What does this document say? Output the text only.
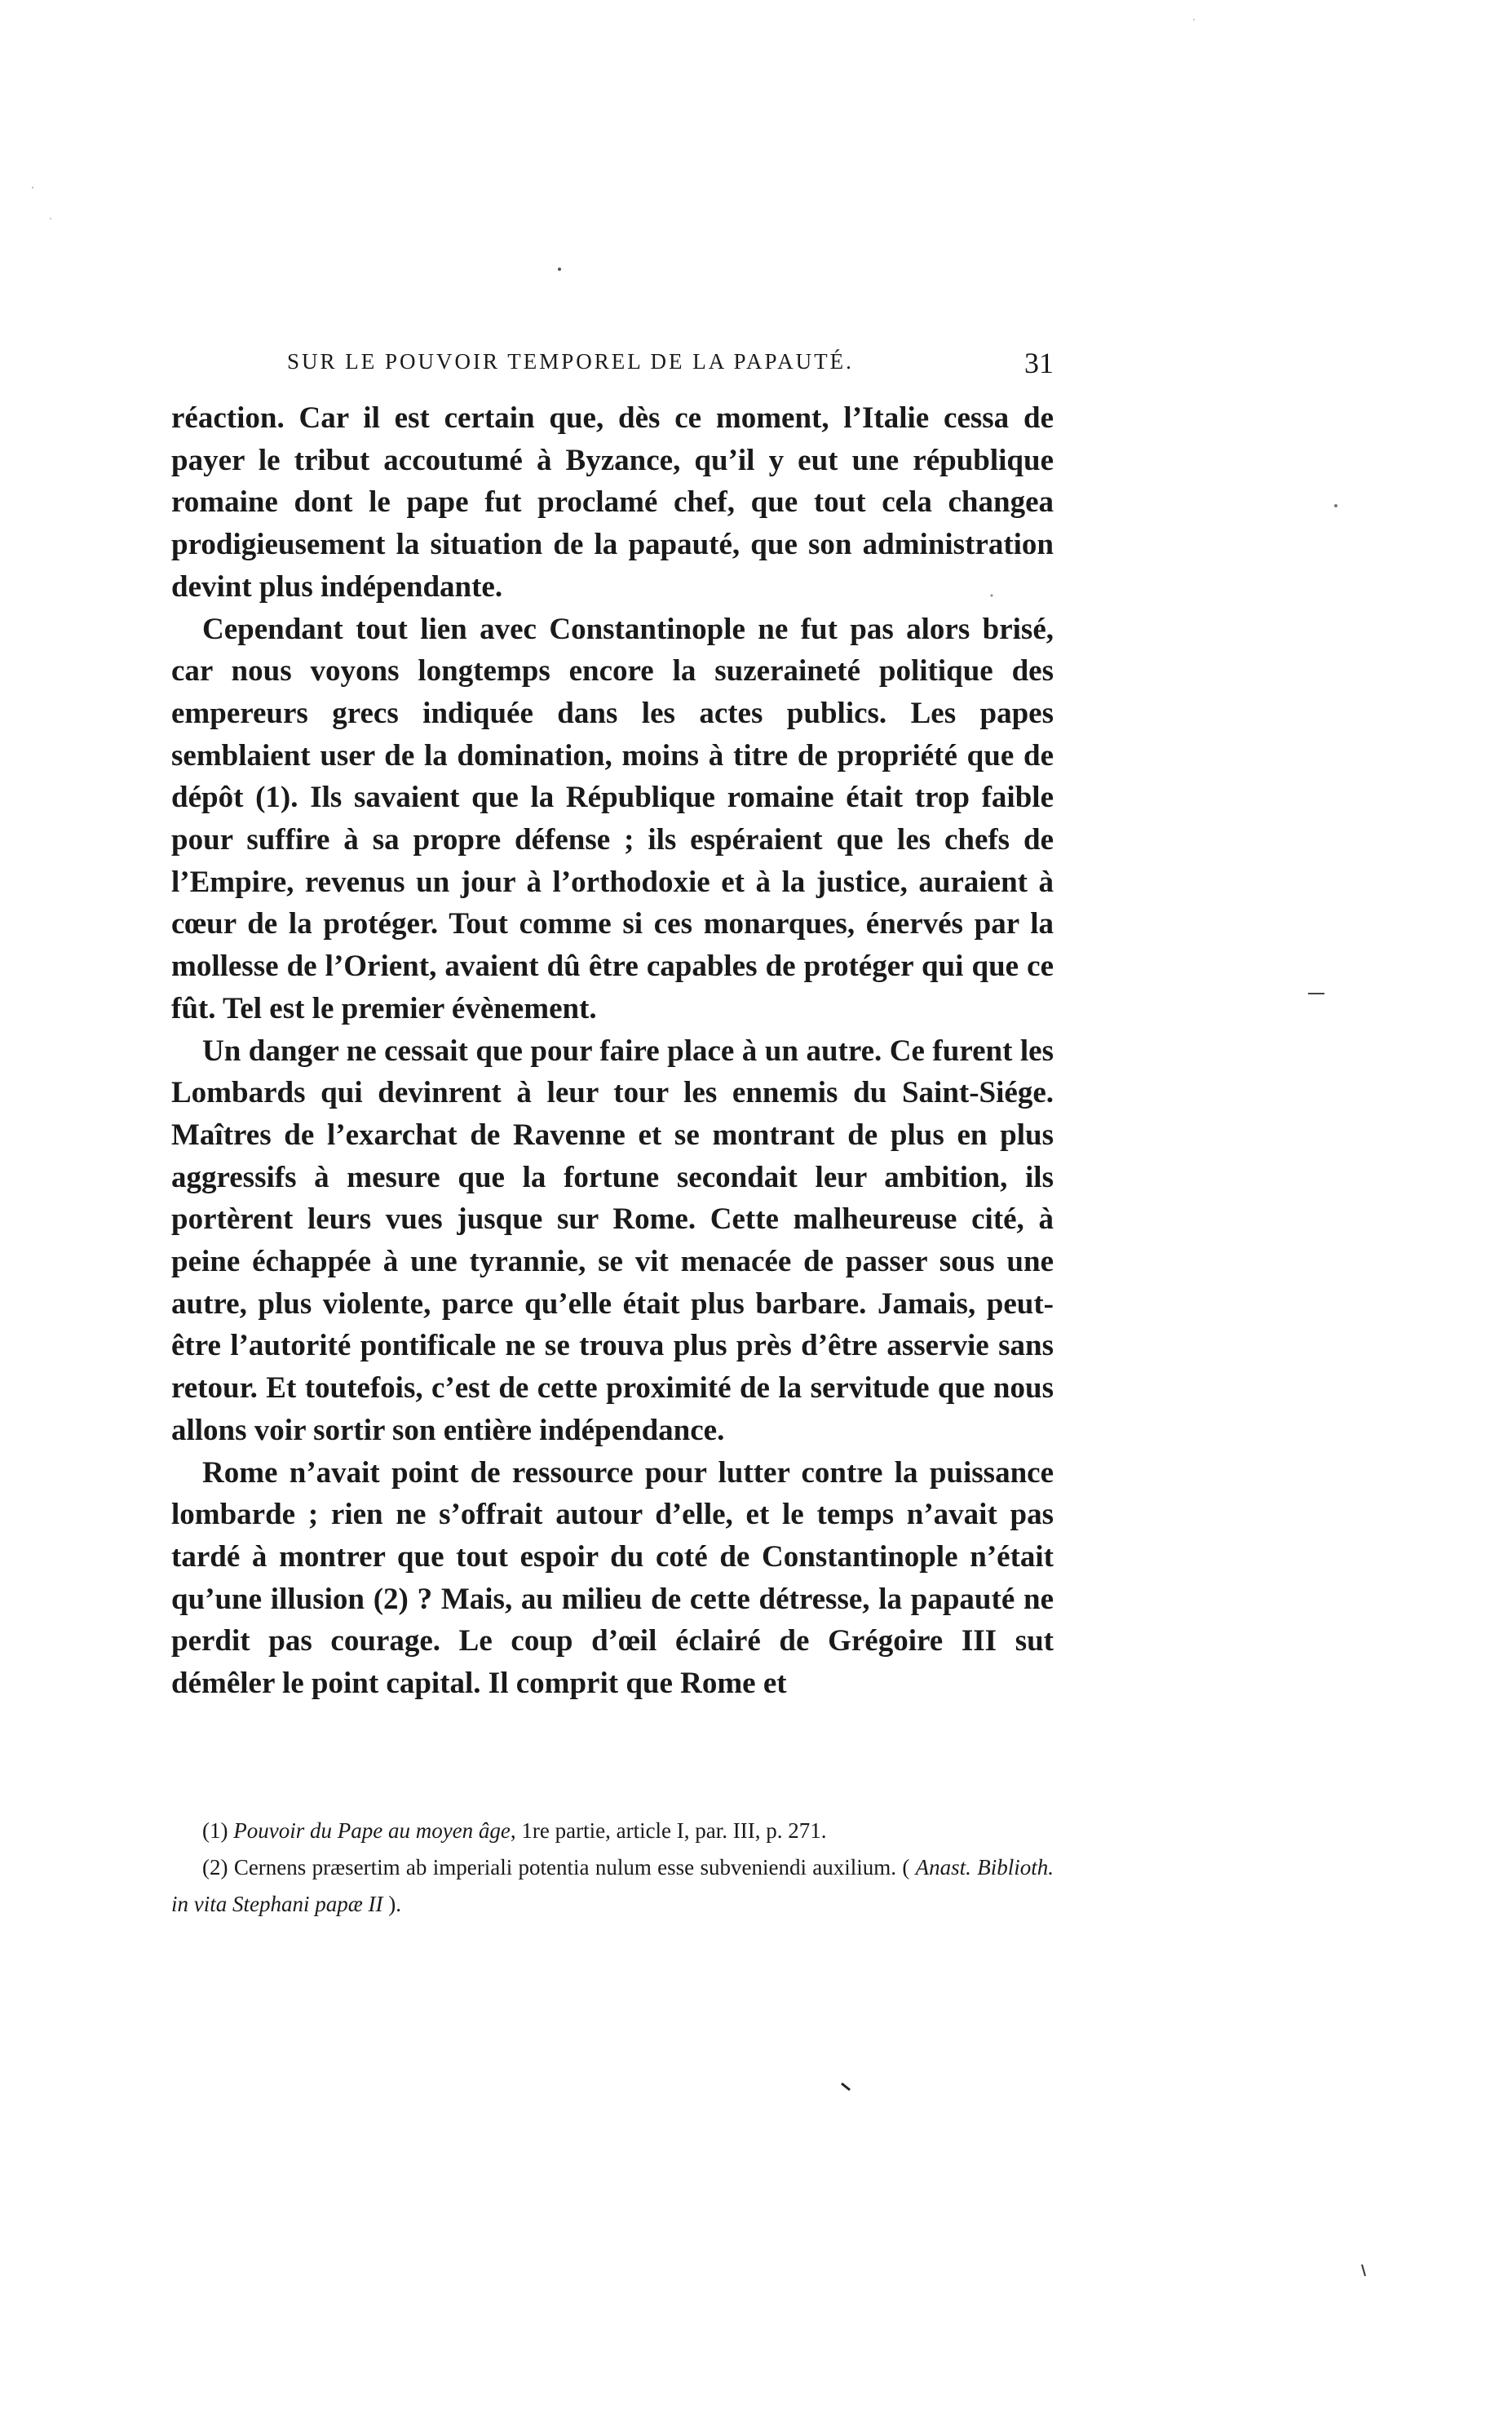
SUR LE POUVOIR TEMPOREL DE LA PAPAUTÉ.	31

réaction. Car il est certain que, dès ce moment, l’Italie cessa de payer le tribut accoutumé à Byzance, qu’il y eut une république romaine dont le pape fut proclamé chef, que tout cela changea prodigieusement la situation de la papauté, que son administration devint plus indépendante.

Cependant tout lien avec Constantinople ne fut pas alors brisé, car nous voyons longtemps encore la suzeraineté politique des empereurs grecs indiquée dans les actes publics. Les papes semblaient user de la domination, moins à titre de propriété que de dépôt (1). Ils savaient que la République romaine était trop faible pour suffire à sa propre défense ; ils espéraient que les chefs de l’Empire, revenus un jour à l’orthodoxie et à la justice, auraient à cœur de la protéger. Tout comme si ces monarques, énervés par la mollesse de l’Orient, avaient dû être capables de protéger qui que ce fût. Tel est le premier évènement.

Un danger ne cessait que pour faire place à un autre. Ce furent les Lombards qui devinrent à leur tour les ennemis du Saint-Siége. Maîtres de l’exarchat de Ravenne et se montrant de plus en plus aggressifs à mesure que la fortune secondait leur ambition, ils portèrent leurs vues jusque sur Rome. Cette malheureuse cité, à peine échappée à une tyrannie, se vit menacée de passer sous une autre, plus violente, parce qu’elle était plus barbare. Jamais, peut-être l’autorité pontificale ne se trouva plus près d’être asservie sans retour. Et toutefois, c’est de cette proximité de la servitude que nous allons voir sortir son entière indépendance.

Rome n’avait point de ressource pour lutter contre la puissance lombarde ; rien ne s’offrait autour d’elle, et le temps n’avait pas tardé à montrer que tout espoir du coté de Constantinople n’était qu’une illusion (2) ? Mais, au milieu de cette détresse, la papauté ne perdit pas courage. Le coup d’œil éclairé de Grégoire III sut démêler le point capital. Il comprit que Rome et

(1) Pouvoir du Pape au moyen âge, 1re partie, article I, par. III, p. 271.

(2) Cernens præsertim ab imperiali potentia nulum esse subveniendi auxilium. ( Anast. Biblioth. in vita Stephani papæ II ).
